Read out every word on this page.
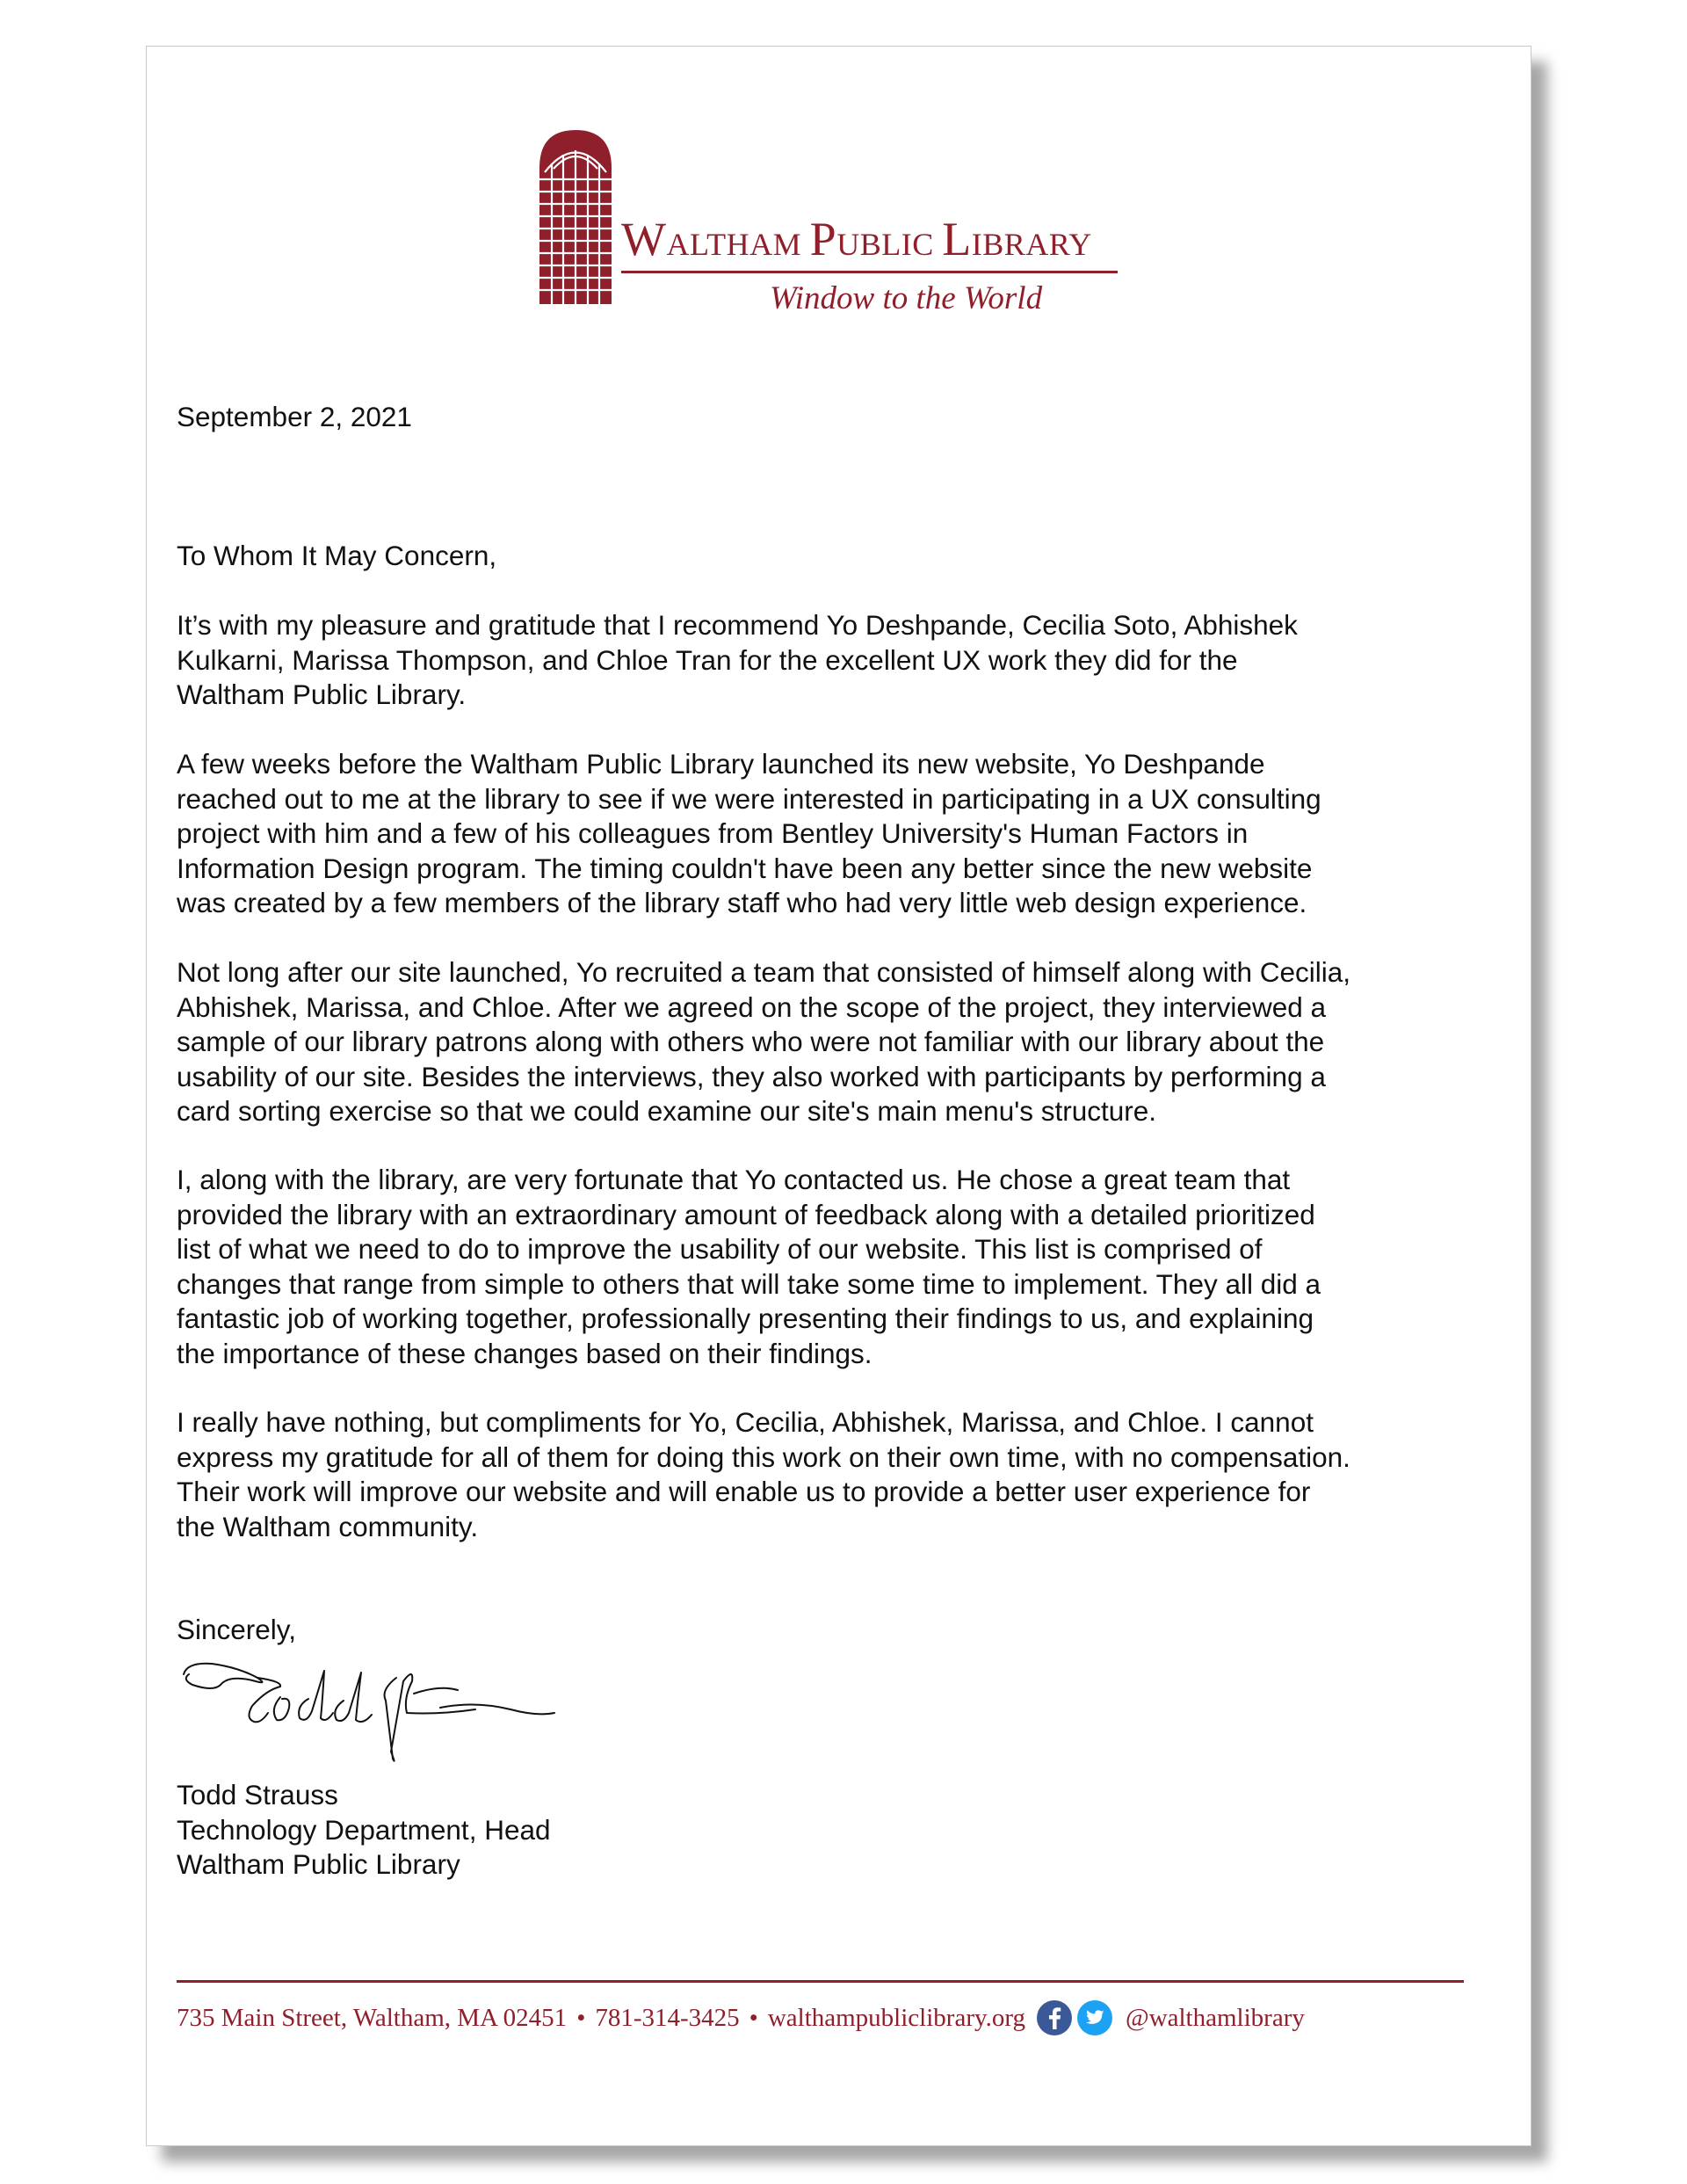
WALTHAM PUBLIC LIBRARY
Window to the World
September 2, 2021
To Whom It May Concern,
It’s with my pleasure and gratitude that I recommend Yo Deshpande, Cecilia Soto, Abhishek
Kulkarni, Marissa Thompson, and Chloe Tran for the excellent UX work they did for the
Waltham Public Library.
A few weeks before the Waltham Public Library launched its new website, Yo Deshpande
reached out to me at the library to see if we were interested in participating in a UX consulting
project with him and a few of his colleagues from Bentley University's Human Factors in
Information Design program. The timing couldn't have been any better since the new website
was created by a few members of the library staff who had very little web design experience.
Not long after our site launched, Yo recruited a team that consisted of himself along with Cecilia,
Abhishek, Marissa, and Chloe. After we agreed on the scope of the project, they interviewed a
sample of our library patrons along with others who were not familiar with our library about the
usability of our site. Besides the interviews, they also worked with participants by performing a
card sorting exercise so that we could examine our site's main menu's structure.
I, along with the library, are very fortunate that Yo contacted us. He chose a great team that
provided the library with an extraordinary amount of feedback along with a detailed prioritized
list of what we need to do to improve the usability of our website. This list is comprised of
changes that range from simple to others that will take some time to implement. They all did a
fantastic job of working together, professionally presenting their findings to us, and explaining
the importance of these changes based on their findings.
I really have nothing, but compliments for Yo, Cecilia, Abhishek, Marissa, and Chloe. I cannot
express my gratitude for all of them for doing this work on their own time, with no compensation.
Their work will improve our website and will enable us to provide a better user experience for
the Waltham community.
Sincerely,
Todd Strauss
Technology Department, Head
Waltham Public Library
735 Main Street, Waltham, MA 02451 • 781-314-3425 • walthampubliclibrary.org	@walthamlibrary
